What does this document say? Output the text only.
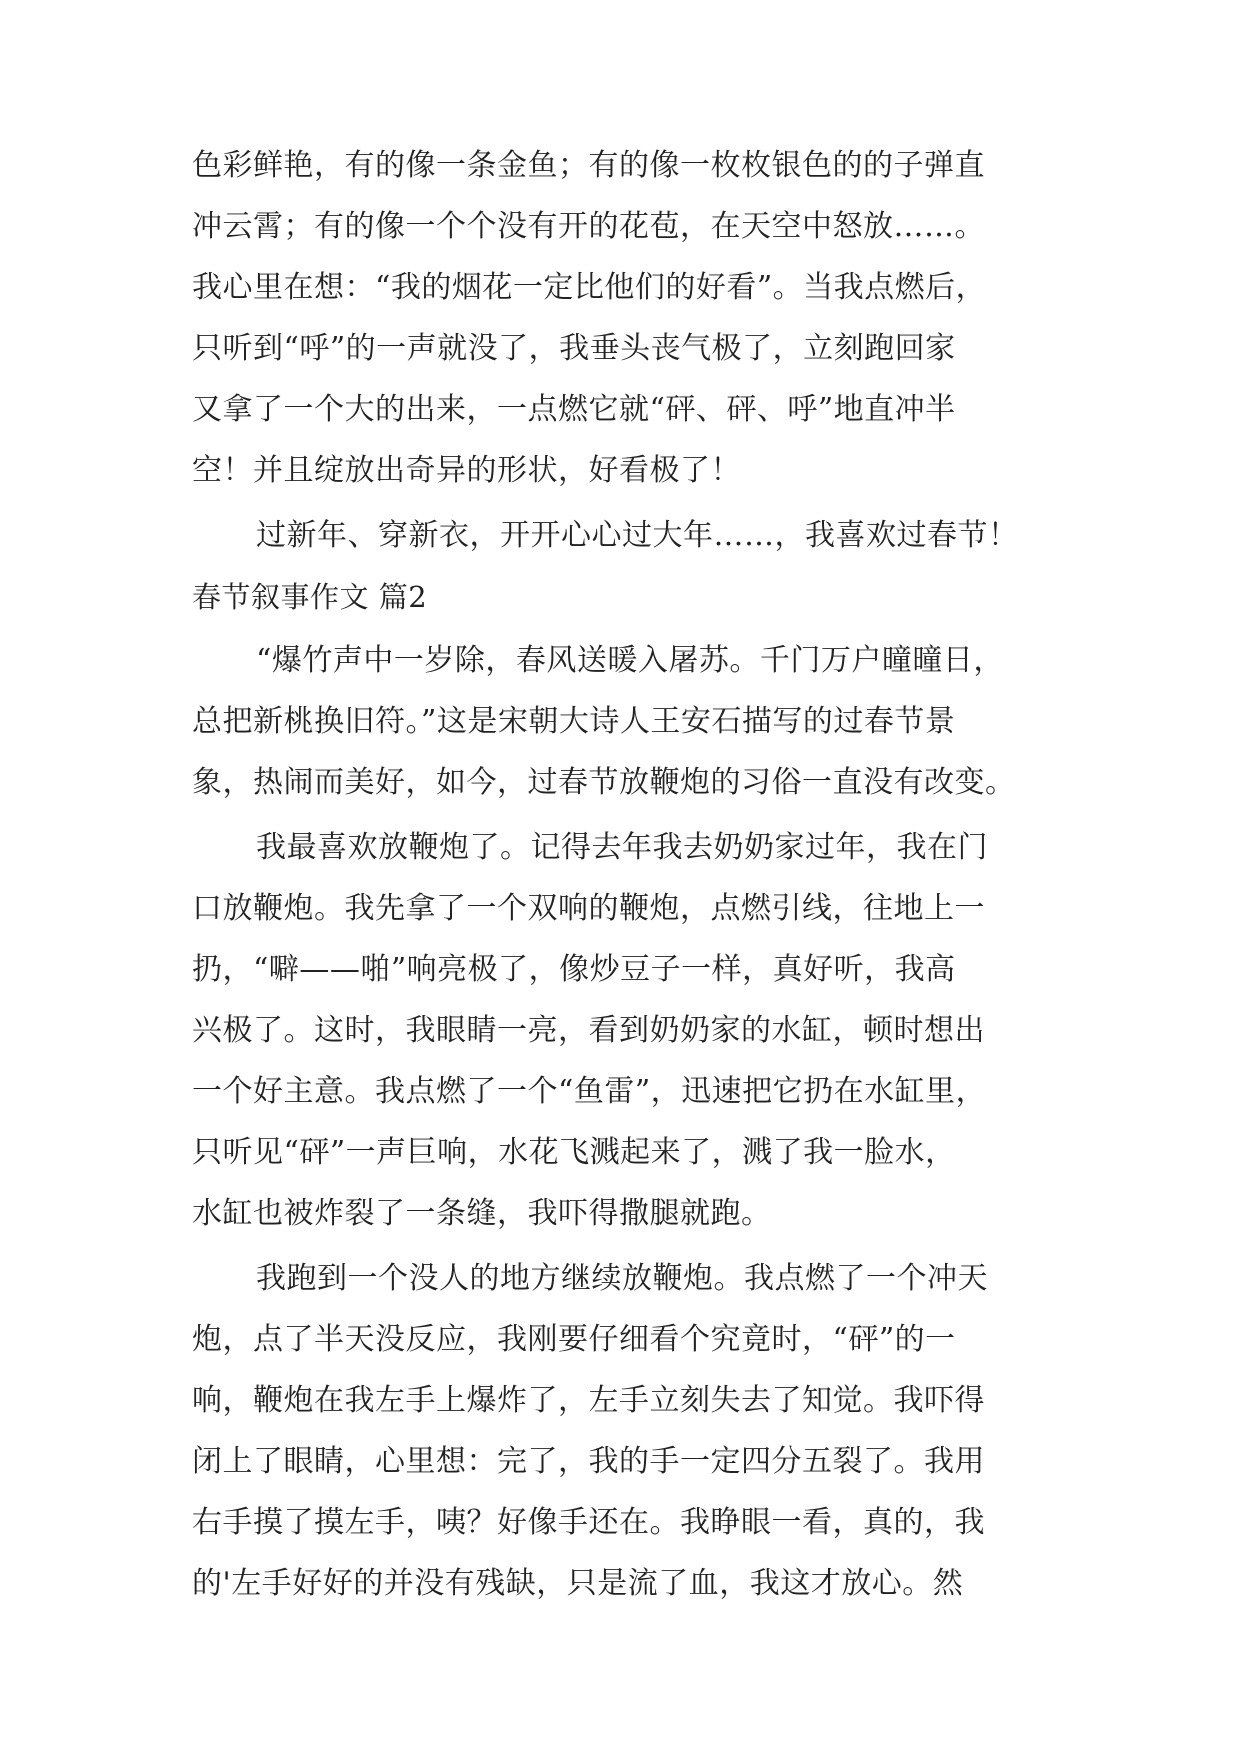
色彩鲜艳，有的像一条金鱼；有的像一枚枚银色的的子弹直
冲云霄；有的像一个个没有开的花苞，在天空中怒放……。
我心里在想：“我的烟花一定比他们的好看”。当我点燃后，
只听到“呼”的一声就没了，我垂头丧气极了，立刻跑回家
又拿了一个大的出来，一点燃它就“砰、砰、呼”地直冲半
空！并且绽放出奇异的形状，好看极了！
过新年、穿新衣，开开心心过大年……，我喜欢过春节！
春节叙事作文 篇2
“爆竹声中一岁除，春风送暖入屠苏。千门万户曈曈日，
总把新桃换旧符。”这是宋朝大诗人王安石描写的过春节景
象，热闹而美好，如今，过春节放鞭炮的习俗一直没有改变。
我最喜欢放鞭炮了。记得去年我去奶奶家过年，我在门
口放鞭炮。我先拿了一个双响的鞭炮，点燃引线，往地上一
扔，“噼——啪”响亮极了，像炒豆子一样，真好听，我高
兴极了。这时，我眼睛一亮，看到奶奶家的水缸，顿时想出
一个好主意。我点燃了一个“鱼雷”，迅速把它扔在水缸里，
只听见“砰”一声巨响，水花飞溅起来了，溅了我一脸水，
水缸也被炸裂了一条缝，我吓得撒腿就跑。
我跑到一个没人的地方继续放鞭炮。我点燃了一个冲天
炮，点了半天没反应，我刚要仔细看个究竟时，“砰”的一
响，鞭炮在我左手上爆炸了，左手立刻失去了知觉。我吓得
闭上了眼睛，心里想：完了，我的手一定四分五裂了。我用
右手摸了摸左手，咦？好像手还在。我睁眼一看，真的，我
的'左手好好的并没有残缺，只是流了血，我这才放心。然
